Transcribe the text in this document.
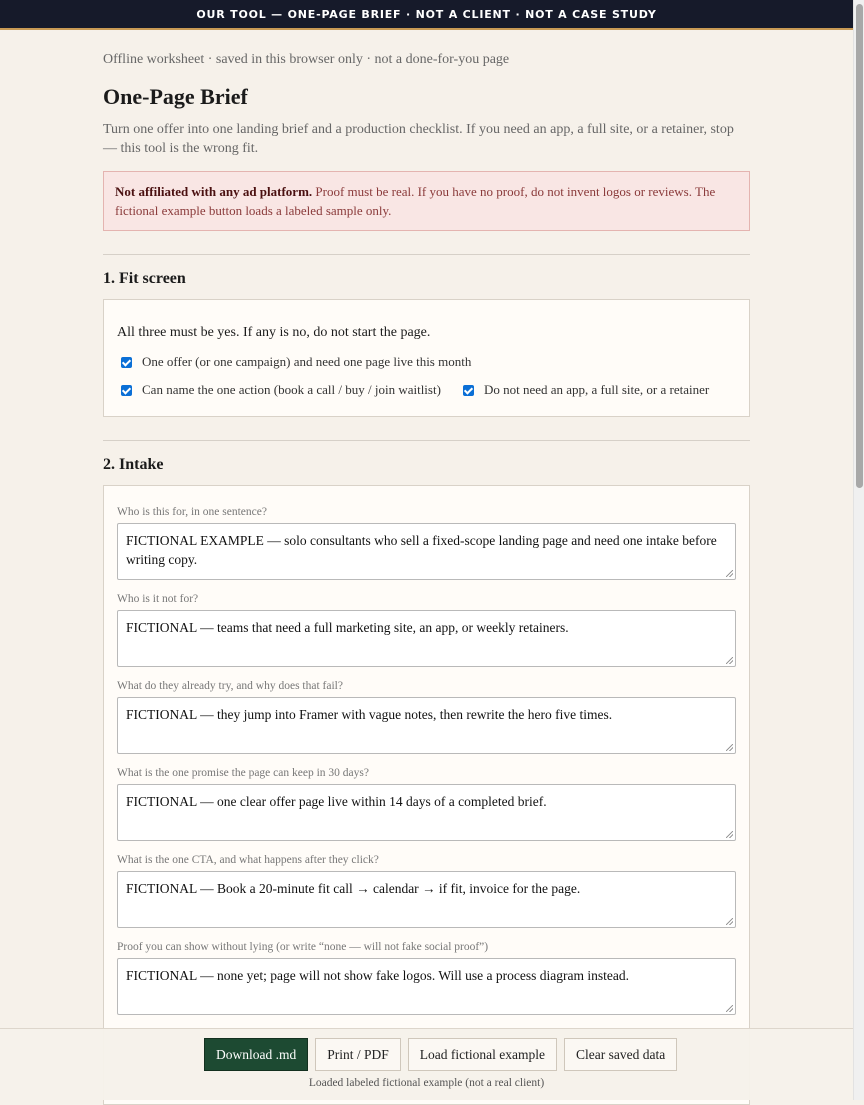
OUR TOOL — ONE-PAGE BRIEF · NOT A CLIENT · NOT A CASE STUDY

Offline worksheet · saved in this browser only · not a done-for-you page

One-Page Brief

Turn one offer into one landing brief and a production checklist. If you need an app, a full site, or a retainer, stop — this tool is the wrong fit.

Not affiliated with any ad platform. Proof must be real. If you have no proof, do not invent logos or reviews. The fictional example button loads a labeled sample only.
1. Fit screen

All three must be yes. If any is no, do not start the page.

One offer (or one campaign) and need one page live this month
Can name the one action (book a call / buy / join waitlist)	Do not need an app, a full site, or a retainer
2. Intake

Who is this for, in one sentence?

FICTIONAL EXAMPLE — solo consultants who sell a fixed-scope landing page and need one intake before writing copy.

Who is it not for?

FICTIONAL — teams that need a full marketing site, an app, or weekly retainers.

What do they already try, and why does that fail?

FICTIONAL — they jump into Framer with vague notes, then rewrite the hero five times.

What is the one promise the page can keep in 30 days?

FICTIONAL — one clear offer page live within 14 days of a completed brief.

What is the one CTA, and what happens after they click?

FICTIONAL — Book a 20-minute fit call → calendar → if fit, invoice for the page.

Proof you can show without lying (or write “none — will not fake social proof”)

FICTIONAL — none yet; page will not show fake logos. Will use a process diagram instead.
Download .md	Print / PDF	Load fictional example	Clear saved data
Loaded labeled fictional example (not a real client)
